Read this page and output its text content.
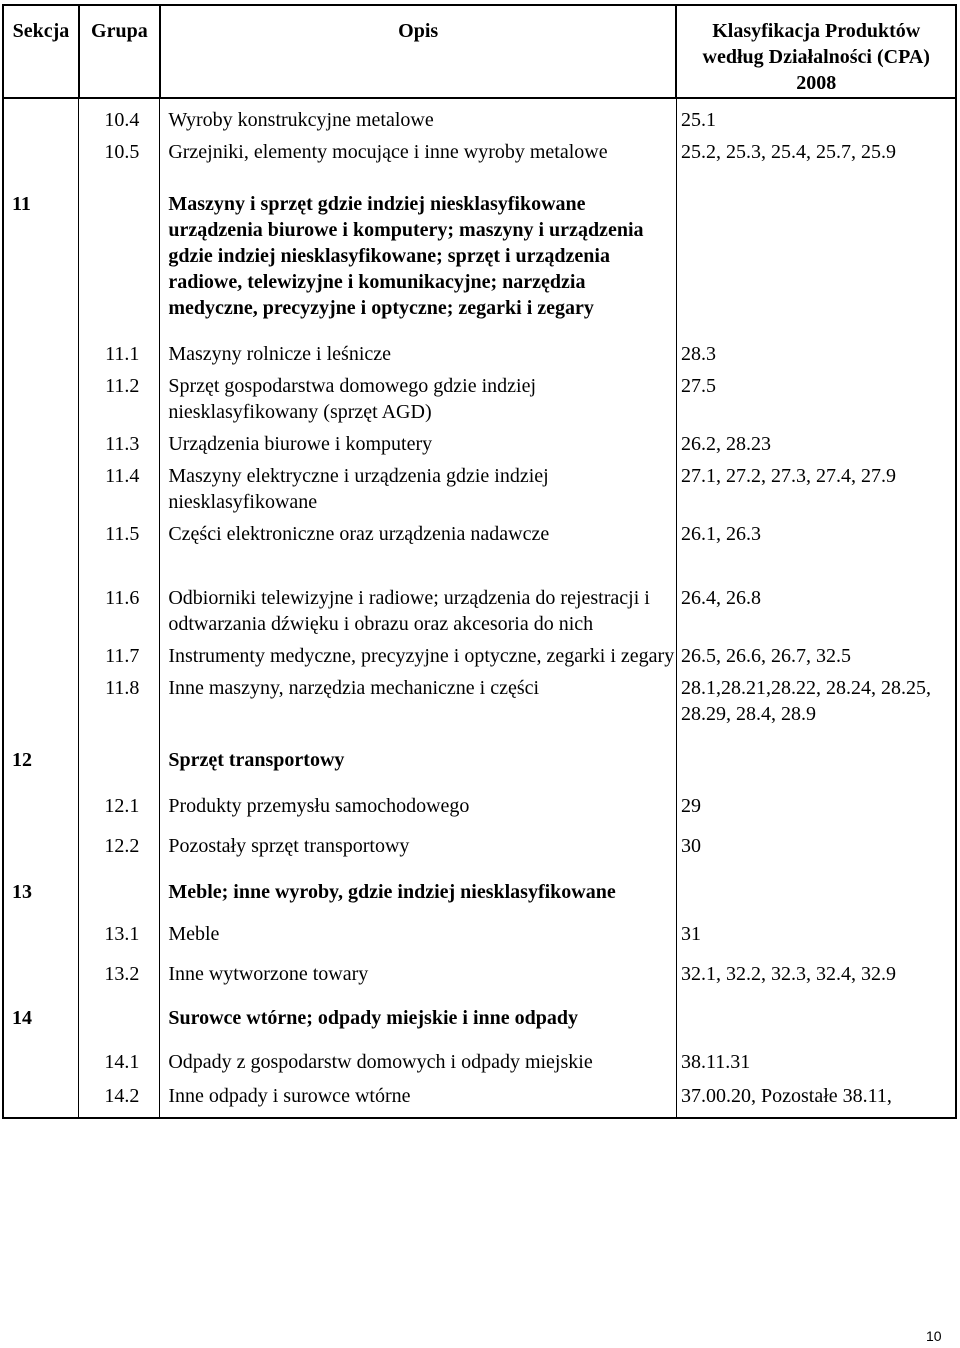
Sekcja	Grupa	Opis	Klasyfikacja Produktów
według Działalności (CPA)
2008

	10.4	Wyroby konstrukcyjne metalowe	25.1
	10.5	Grzejniki, elementy mocujące i inne wyroby metalowe	25.2, 25.3, 25.4, 25.7, 25.9
11		Maszyny i sprzęt gdzie indziej niesklasyfikowane urządzenia biurowe i komputery; maszyny i urządzenia gdzie indziej niesklasyfikowane; sprzęt i urządzenia radiowe, telewizyjne i komunikacyjne; narzędzia medyczne, precyzyjne i optyczne; zegarki i zegary	
	11.1	Maszyny rolnicze i leśnicze	28.3
	11.2	Sprzęt gospodarstwa domowego gdzie indziej niesklasyfikowany (sprzęt AGD)	27.5
	11.3	Urządzenia biurowe i komputery	26.2, 28.23
	11.4	Maszyny elektryczne i urządzenia gdzie indziej niesklasyfikowane	27.1, 27.2, 27.3, 27.4, 27.9
	11.5	Części elektroniczne oraz urządzenia nadawcze	26.1, 26.3
	11.6	Odbiorniki telewizyjne i radiowe; urządzenia do rejestracji i odtwarzania dźwięku i obrazu oraz akcesoria do nich	26.4, 26.8
	11.7	Instrumenty medyczne, precyzyjne i optyczne, zegarki i zegary	26.5, 26.6, 26.7, 32.5
	11.8	Inne maszyny, narzędzia mechaniczne i części	28.1,28.21,28.22, 28.24, 28.25, 28.29, 28.4, 28.9
12		Sprzęt transportowy	
	12.1	Produkty przemysłu samochodowego	29
	12.2	Pozostały sprzęt transportowy	30
13		Meble; inne wyroby, gdzie indziej niesklasyfikowane	
	13.1	Meble	31
	13.2	Inne wytworzone towary	32.1, 32.2, 32.3, 32.4, 32.9
14		Surowce wtórne; odpady miejskie i inne odpady	
	14.1	Odpady z gospodarstw domowych i odpady miejskie	38.11.31
	14.2	Inne odpady i surowce wtórne	37.00.20, Pozostałe 38.11,
10
